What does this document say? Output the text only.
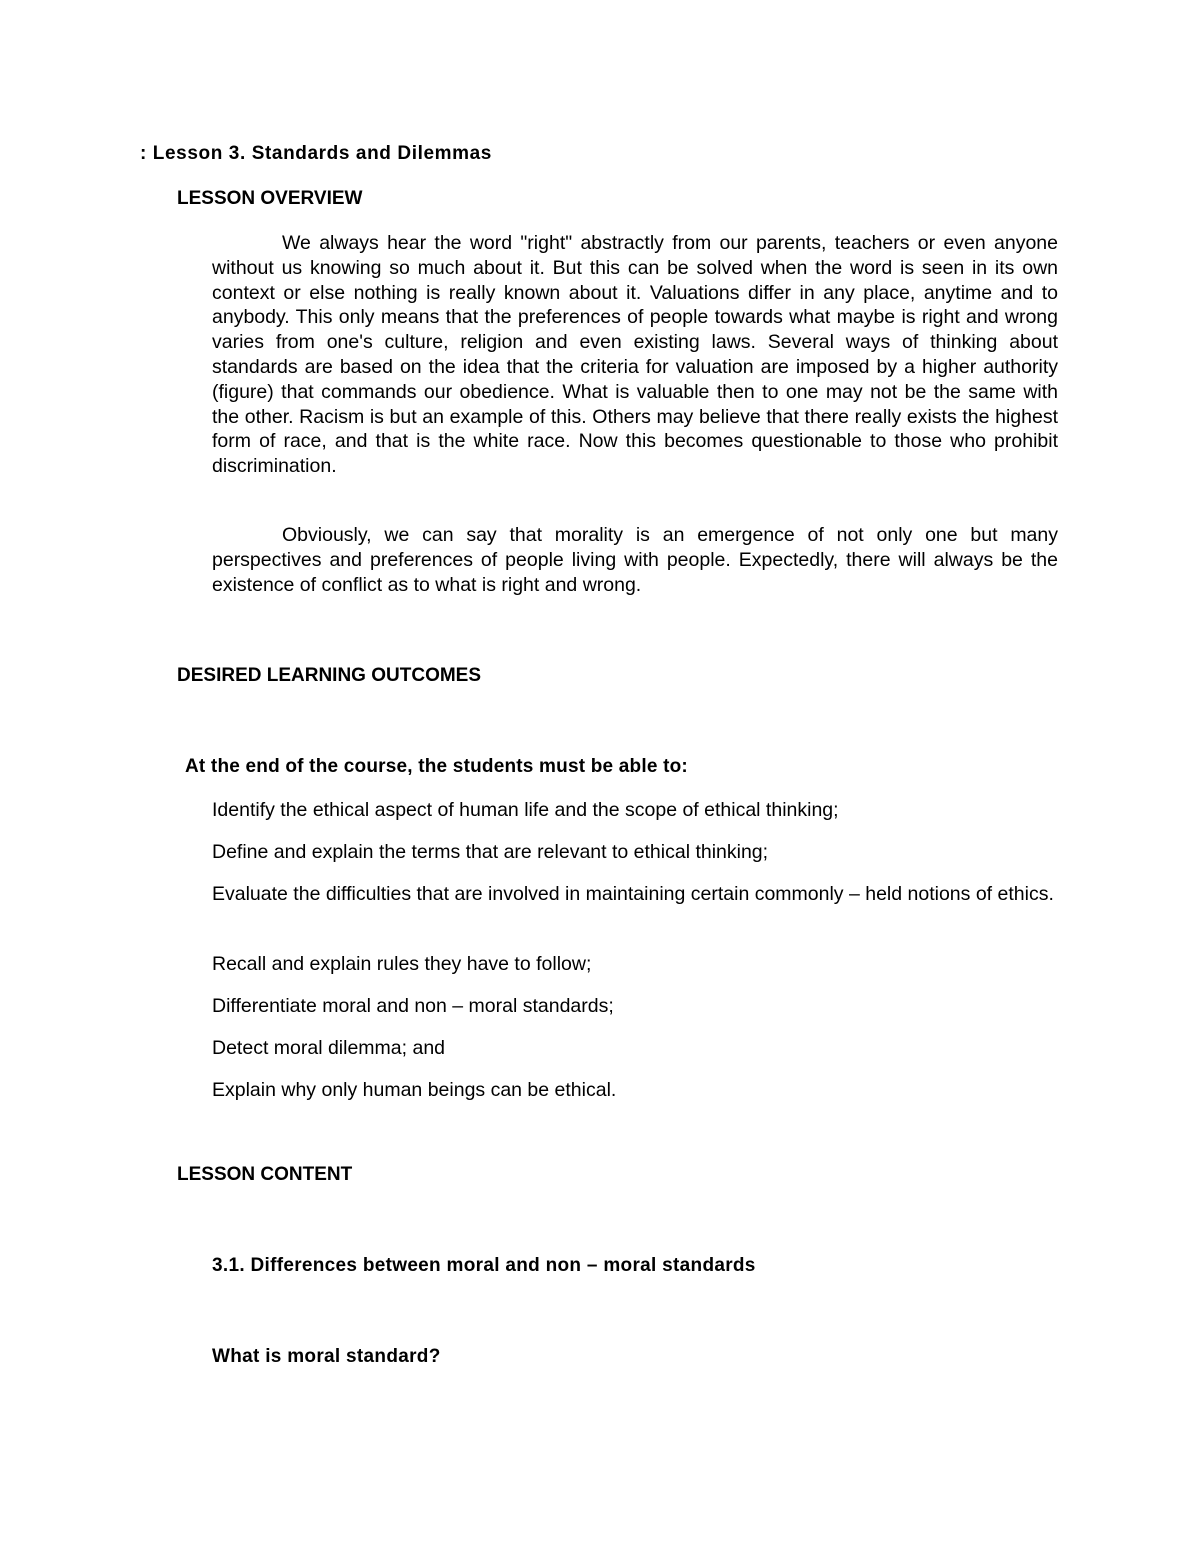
: Lesson 3. Standards and Dilemmas
LESSON OVERVIEW

We always hear the word "right" abstractly from our parents, teachers or even anyone without us knowing so much about it. But this can be solved when the word is seen in its own context or else nothing is really known about it. Valuations differ in any place, anytime and to anybody. This only means that the preferences of people towards what maybe is right and wrong varies from one's culture, religion and even existing laws. Several ways of thinking about standards are based on the idea that the criteria for valuation are imposed by a higher authority (figure) that commands our obedience. What is valuable then to one may not be the same with the other. Racism is but an example of this. Others may believe that there really exists the highest form of race, and that is the white race. Now this becomes questionable to those who prohibit discrimination.

Obviously, we can say that morality is an emergence of not only one but many perspectives and preferences of people living with people. Expectedly, there will always be the existence of conflict as to what is right and wrong.

DESIRED LEARNING OUTCOMES
At the end of the course, the students must be able to:

Identify the ethical aspect of human life and the scope of ethical thinking;

Define and explain the terms that are relevant to ethical thinking;

Evaluate the difficulties that are involved in maintaining certain commonly – held notions of ethics.

Recall and explain rules they have to follow;

Differentiate moral and non – moral standards;

Detect moral dilemma; and

Explain why only human beings can be ethical.

LESSON CONTENT
3.1. Differences between moral and non – moral standards
What is moral standard?
